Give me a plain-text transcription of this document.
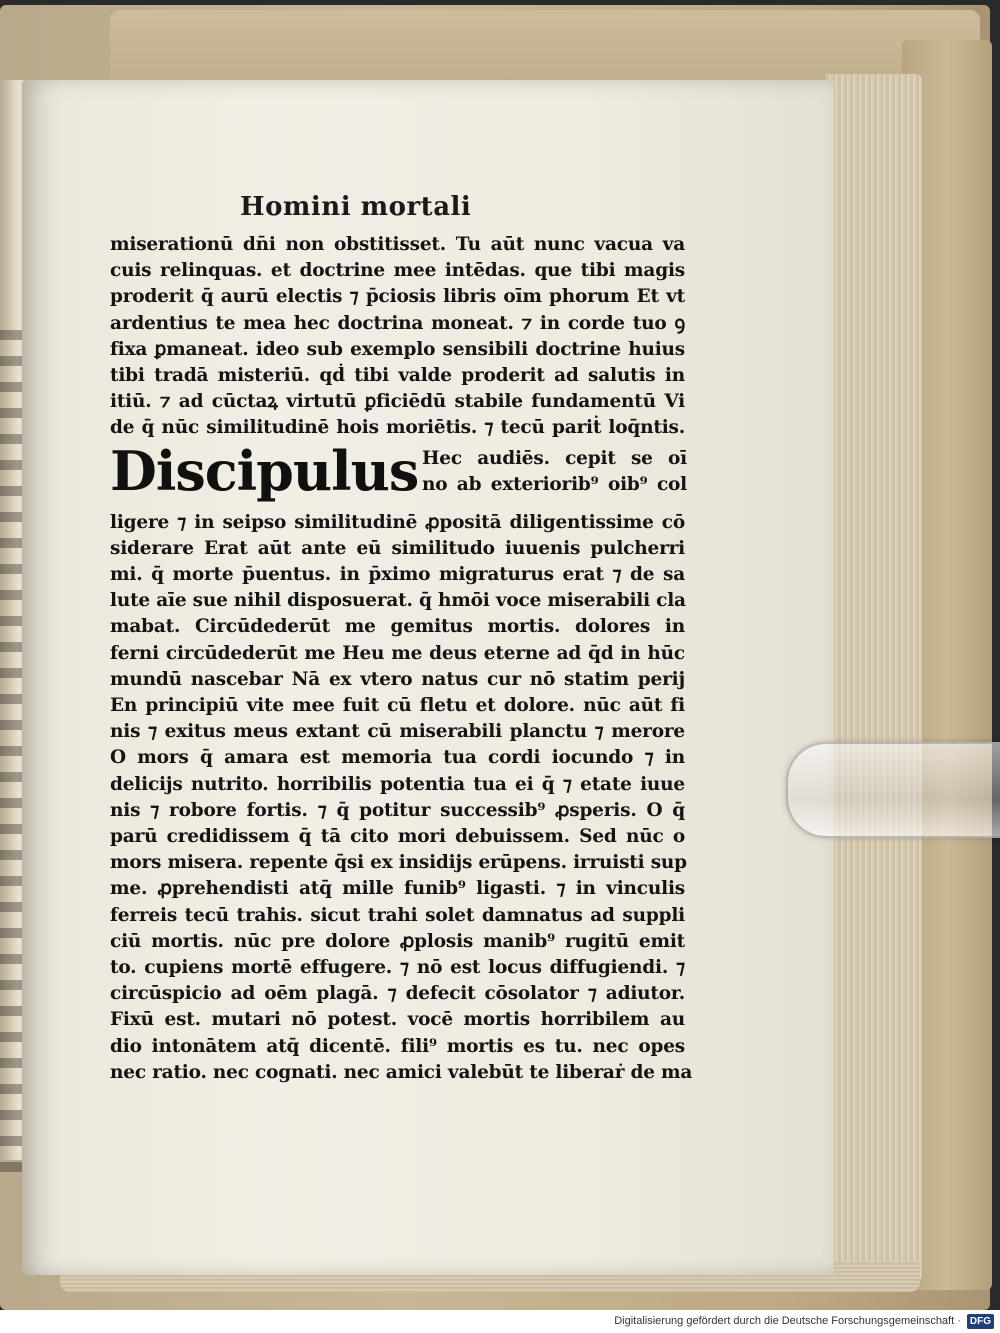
Homini mortali
miserationū dn̄i non obstitisset. Tu aūt nunc vacua va
cuis relinquas. et doctrine mee intēdas. que tibi magis
proderit q̄ aurū electis ⁊ p̄ciosis libris oīm phorum Et vt
ardentius te mea hec doctrina moneat. ⁊ in corde tuo ꝯ
fixa ꝑmaneat. ideo sub exemplo sensibili doctrine huius
tibi tradā misteriū. qḋ tibi valde proderit ad salutis in
itiū. ⁊ ad cūctaꝝ virtutū ꝑficiēdū stabile fundamentū Vi
de q̄ nūc similitudinē hois moriētis. ⁊ tecū pariṫ loq̄ntis.
Discipulus Hec audiēs. cepit se oī
no ab exteriorib⁹ oib⁹ col
ligere ⁊ in seipso similitudinē ꝓpositā diligentissime cō
siderare Erat aūt ante eū similitudo iuuenis pulcherri
mi. q̄ morte p̄uentus. in p̄ximo migraturus erat ⁊ de sa
lute aīe sue nihil disposuerat. q̄ hmōi voce miserabili cla
mabat. Circūdederūt me gemitus mortis. dolores in
ferni circūdederūt me Heu me deus eterne ad q̄d in hūc
mundū nascebar Nā ex vtero natus cur nō statim perij
En principiū vite mee fuit cū fletu et dolore. nūc aūt fi
nis ⁊ exitus meus extant cū miserabili planctu ⁊ merore
O mors q̄ amara est memoria tua cordi iocundo ⁊ in
delicijs nutrito. horribilis potentia tua ei q̄ ⁊ etate iuue
nis ⁊ robore fortis. ⁊ q̄ potitur successib⁹ ꝓsperis. O q̄
parū credidissem q̄ tā cito mori debuissem. Sed nūc o
mors misera. repente q̄si ex insidijs erūpens. irruisti sup
me. ꝓprehendisti atq̄ mille funib⁹ ligasti. ⁊ in vinculis
ferreis tecū trahis. sicut trahi solet damnatus ad suppli
ciū mortis. nūc pre dolore ꝓplosis manib⁹ rugitū emit
to. cupiens mortē effugere. ⁊ nō est locus diffugiendi. ⁊
circūspicio ad oēm plagā. ⁊ defecit cōsolator ⁊ adiutor.
Fixū est. mutari nō potest. vocē mortis horribilem au
dio intonātem atq̄ dicentē. fili⁹ mortis es tu. nec opes
nec ratio. nec cognati. nec amici valebūt te liberaṙ de ma
Digitalisierung gefördert durch die Deutsche Forschungsgemeinschaft · DFG
